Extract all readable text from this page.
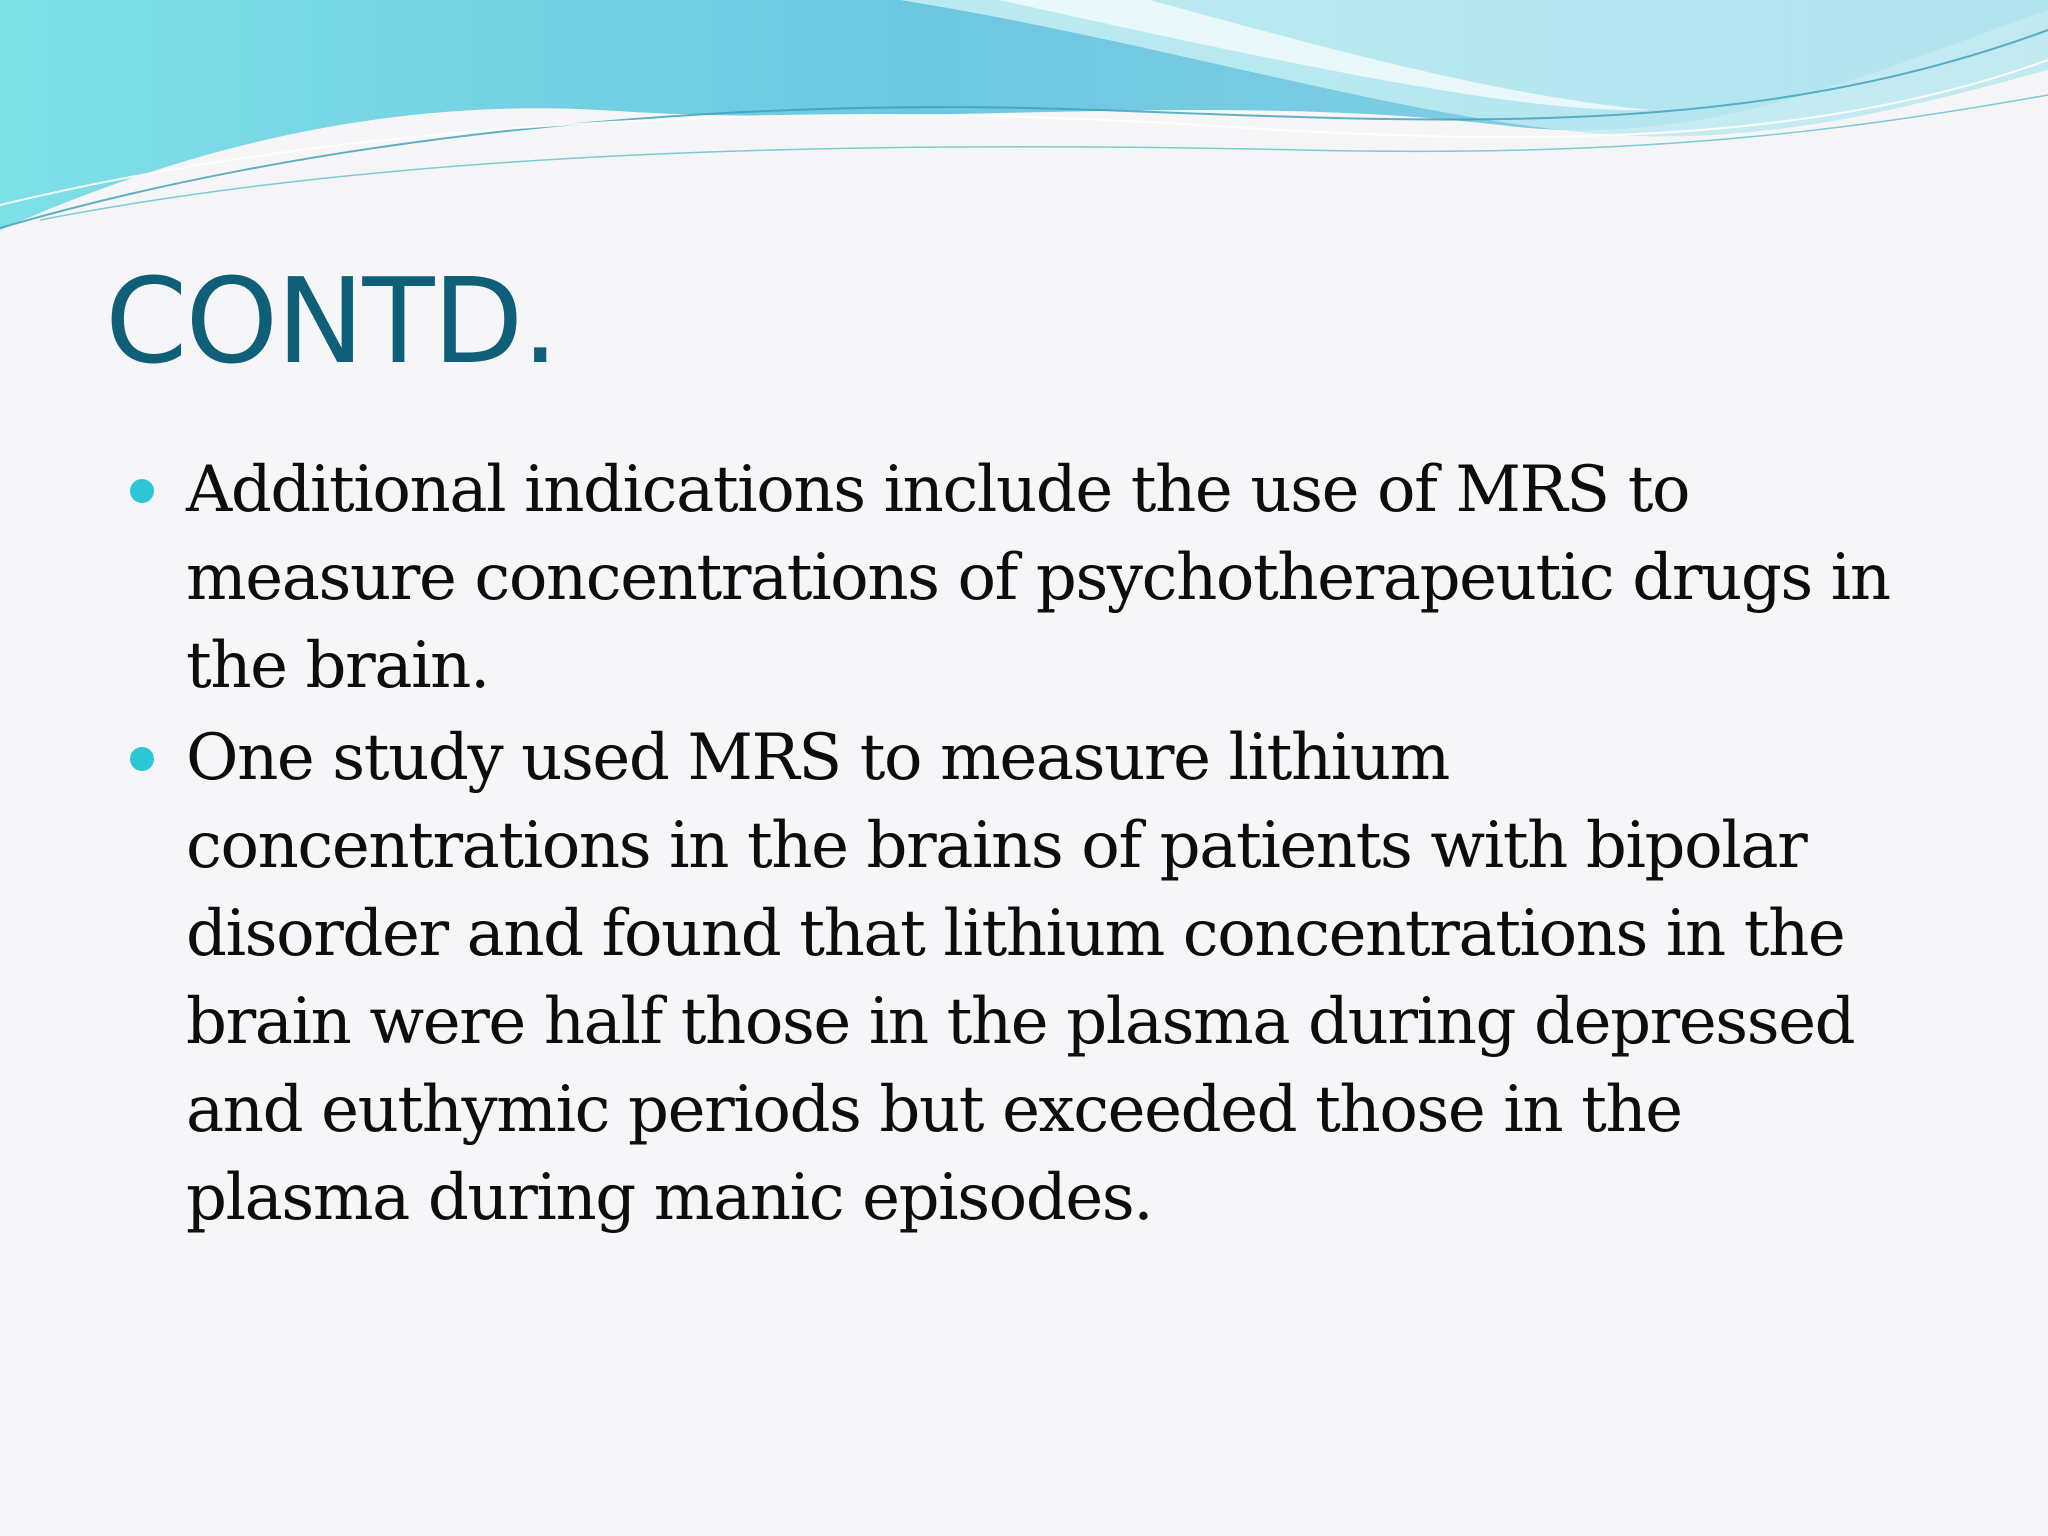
CONTD.
Additional indications include the use of MRS to
measure concentrations of psychotherapeutic drugs in
the brain.
One study used MRS to measure lithium
concentrations in the brains of patients with bipolar
disorder and found that lithium concentrations in the
brain were half those in the plasma during depressed
and euthymic periods but exceeded those in the
plasma during manic episodes.
